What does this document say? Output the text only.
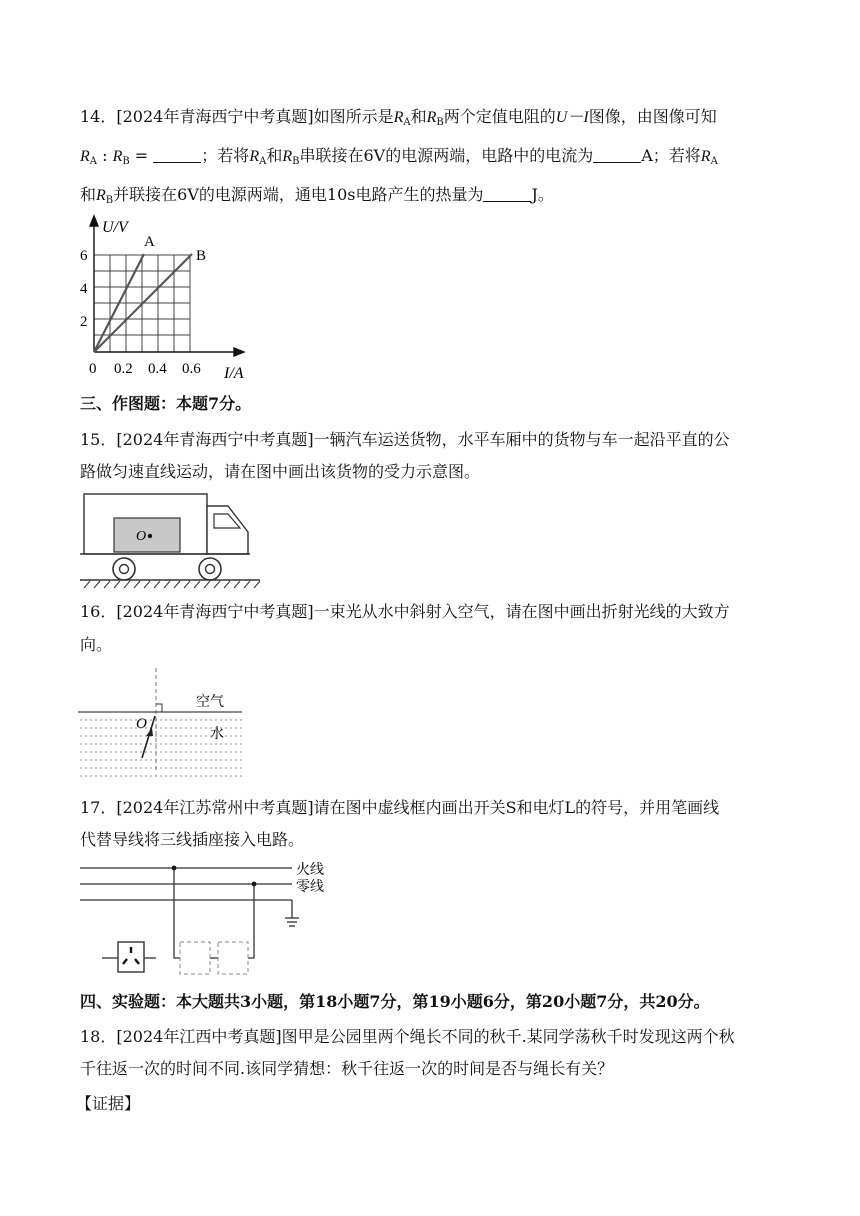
14．[2024年青海西宁中考真题]如图所示是$R_A$和$R_B$两个定值电阻的U－I图像，由图像可知
$R_A$ : $R_B$ =	；若将$R_A$和$R_B$串联接在6V的电源两端，电路中的电流为	A；若将$R_A$
和$R_B$并联接在6V的电源两端，通电10s电路产生的热量为	J。
U/V
A
B
6
4
2
0 0.2 0.4 0.6 I/A
三、作图题：本题7分。
15．[2024年青海西宁中考真题]一辆汽车运送货物，水平车厢中的货物与车一起沿平直的公
路做匀速直线运动，请在图中画出该货物的受力示意图。
O
16．[2024年青海西宁中考真题]一束光从水中斜射入空气，请在图中画出折射光线的大致方
向。
O
空气
水
17．[2024年江苏常州中考真题]请在图中虚线框内画出开关S和电灯L的符号，并用笔画线
代替导线将三线插座接入电路。
火线
零线
四、实验题：本大题共3小题，第18小题7分，第19小题6分，第20小题7分，共20分。
18．[2024年江西中考真题]图甲是公园里两个绳长不同的秋千.某同学荡秋千时发现这两个秋
千往返一次的时间不同.该同学猜想：秋千往返一次的时间是否与绳长有关？
【证据】
